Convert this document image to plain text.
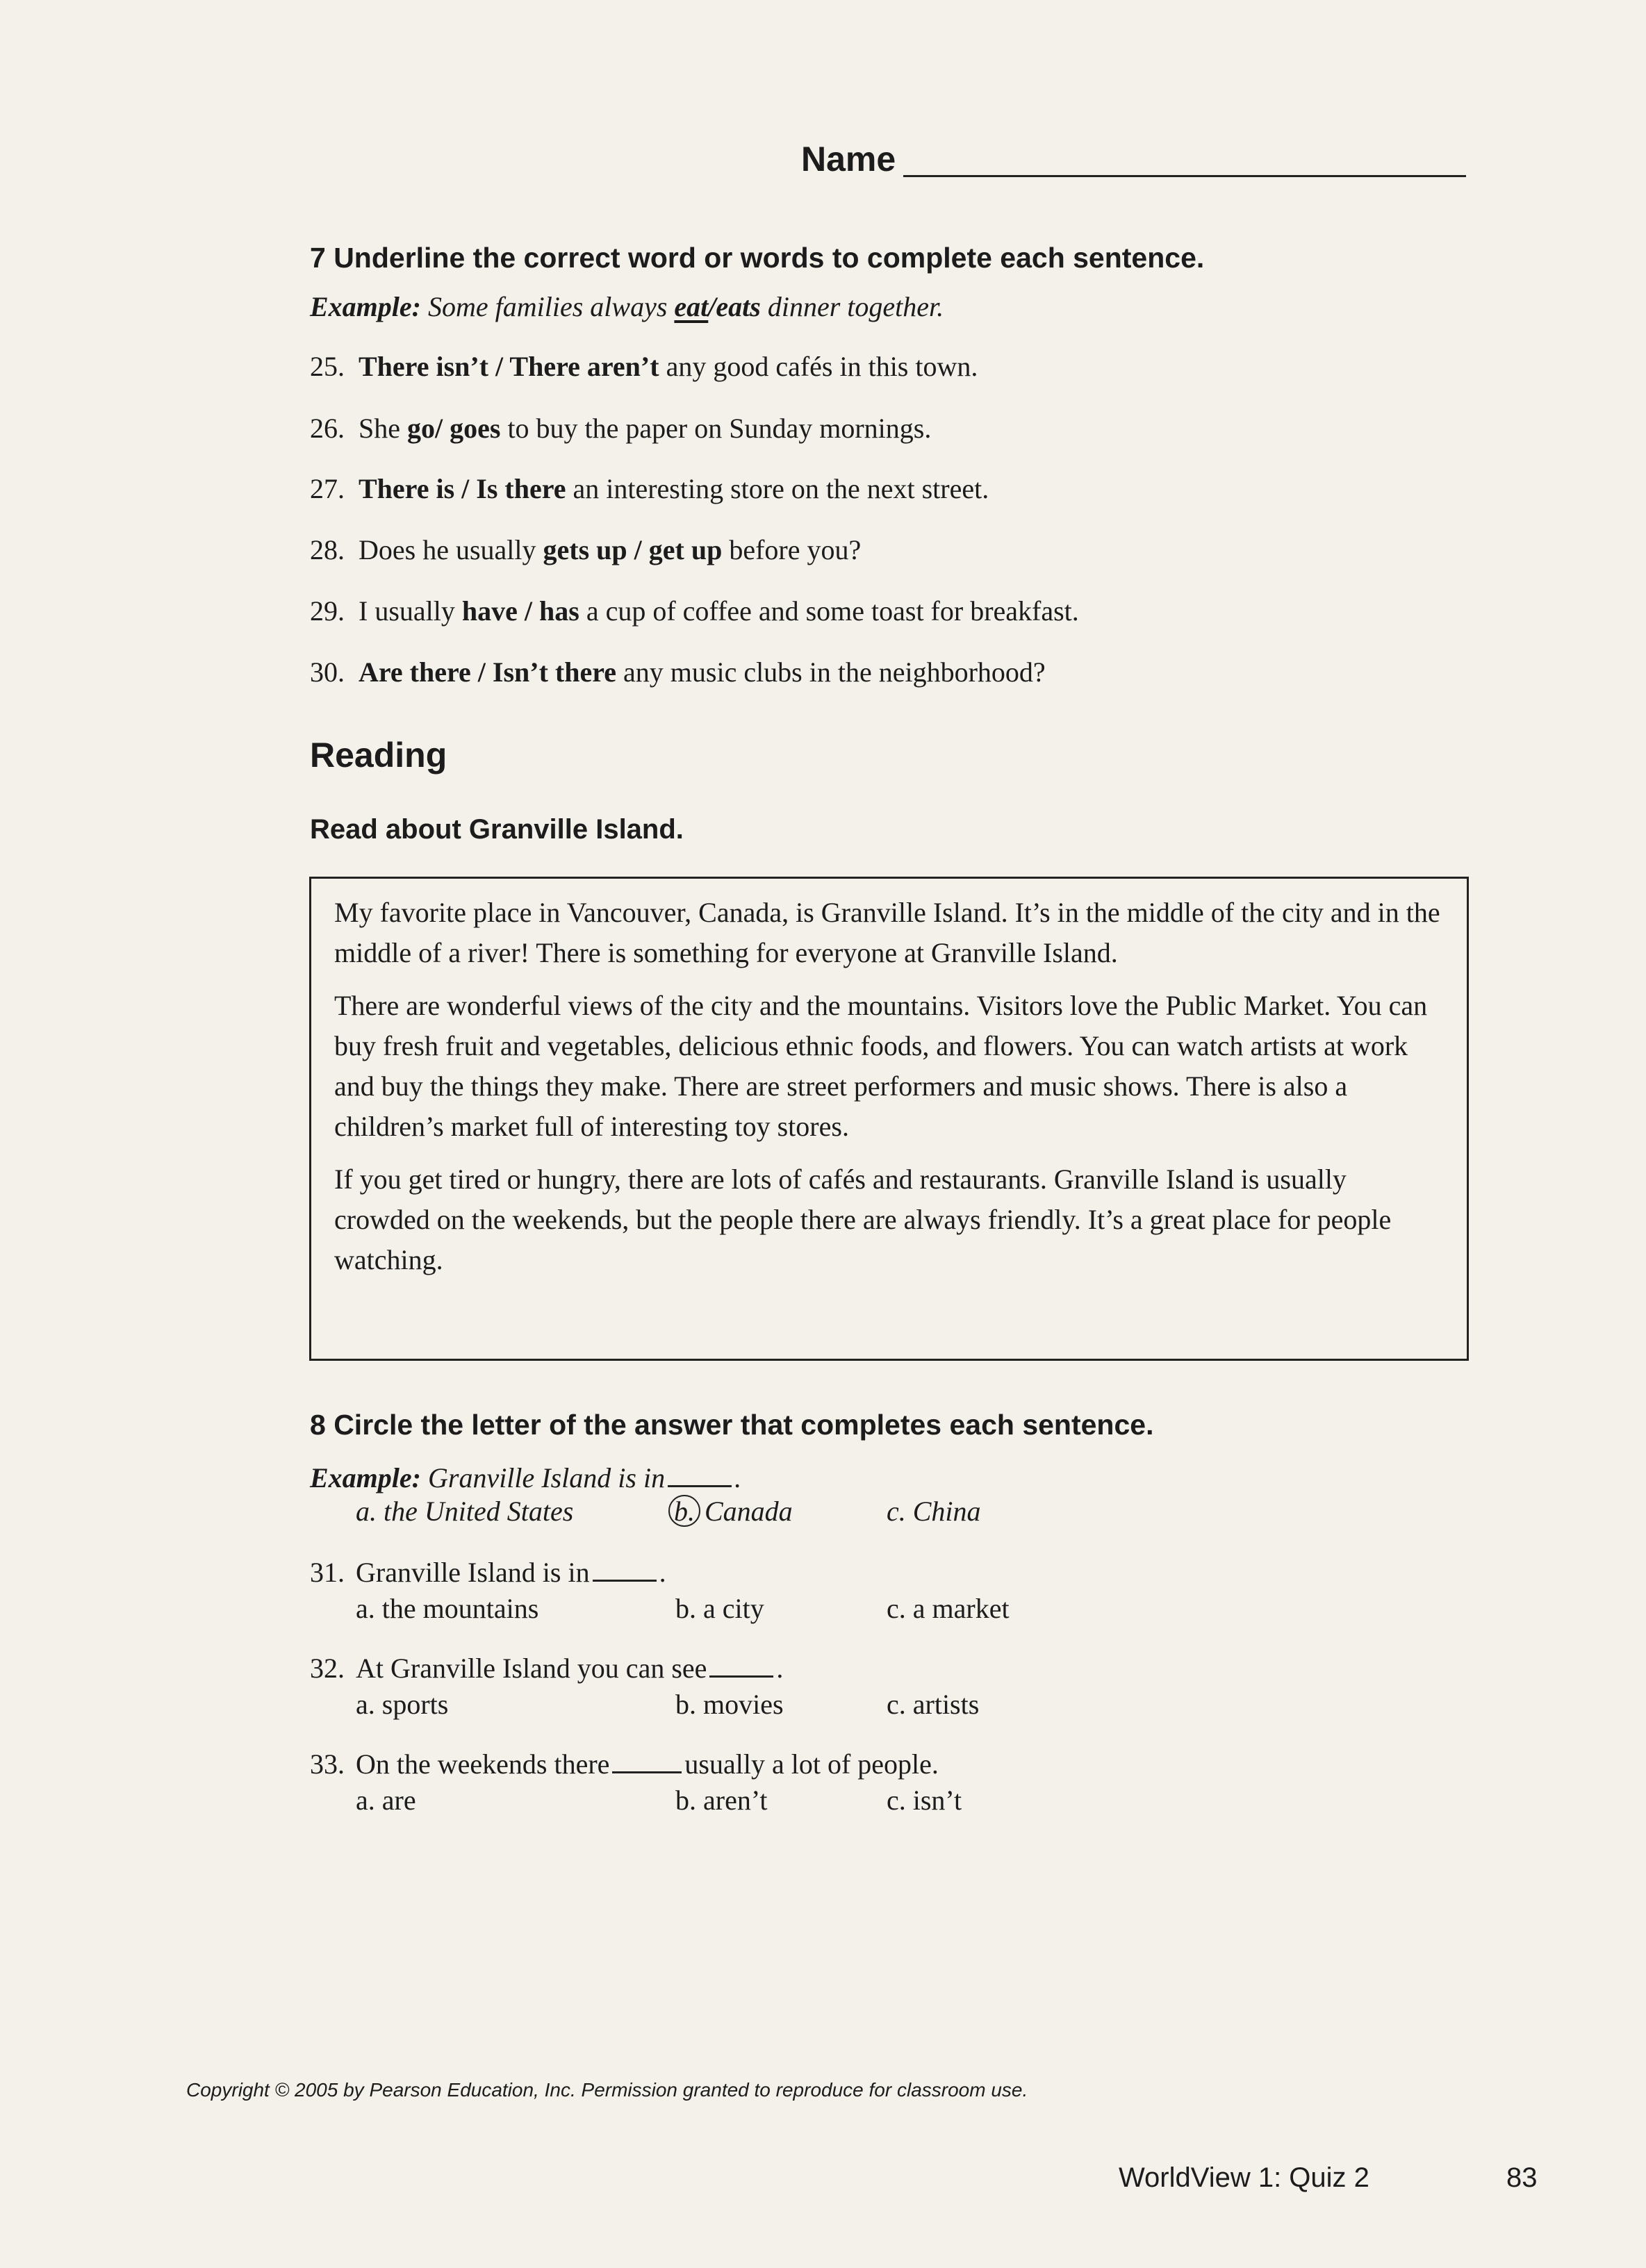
Name
7 Underline the correct word or words to complete each sentence.
Example: Some families always eat/eats dinner together.
25. There isn’t / There aren’t any good cafés in this town.
26. She go/ goes to buy the paper on Sunday mornings.
27. There is / Is there an interesting store on the next street.
28. Does he usually gets up / get up before you?
29. I usually have / has a cup of coffee and some toast for breakfast.
30. Are there / Isn’t there any music clubs in the neighborhood?
Reading
Read about Granville Island.

My favorite place in Vancouver, Canada, is Granville Island. It’s in the middle of the city and in the middle of a river! There is something for everyone at Granville Island.

There are wonderful views of the city and the mountains. Visitors love the Public Market. You can buy fresh fruit and vegetables, delicious ethnic foods, and flowers. You can watch artists at work and buy the things they make. There are street performers and music shows. There is also a children’s market full of interesting toy stores.

If you get tired or hungry, there are lots of cafés and restaurants. Granville Island is usually crowded on the weekends, but the people there are always friendly. It’s a great place for people watching.

8 Circle the letter of the answer that completes each sentence.
Example: Granville Island is in	.
a. the United States	b. Canada	c. China
31. Granville Island is in	.
a. the mountains	b. a city	c. a market
32. At Granville Island you can see	.
a. sports	b. movies	c. artists
33. On the weekends there	usually a lot of people.
a. are	b. aren’t	c. isn’t
Copyright © 2005 by Pearson Education, Inc. Permission granted to reproduce for classroom use.
WorldView 1: Quiz 2	83
